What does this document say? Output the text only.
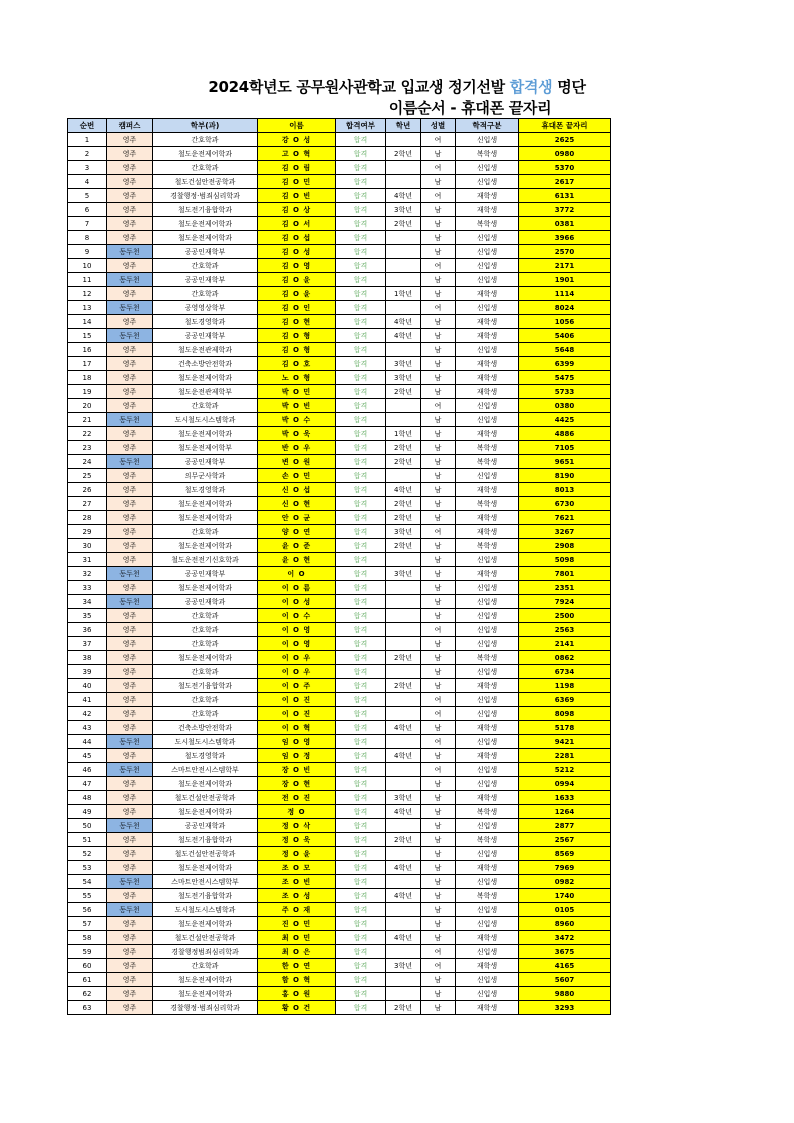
2024학년도 공무원사관학교 입교생 정기선발 합격생 명단
이름순서 - 휴대폰 끝자리
순번	캠퍼스	학부(과)	이름	합격여부	학년	성별	학적구분	휴대폰 끝자리
1	영주	간호학과	강 O 성	합격		여	신입생	2625
2	영주	철도운전제어학과	고 O 혁	합격	2학년	남	복학생	0980
3	영주	간호학과	김 O 림	합격		여	신입생	5370
4	영주	철도건설안전공학과	김 O 민	합격		남	신입생	2617
5	영주	경찰행정·범죄심리학과	김 O 빈	합격	4학년	여	재학생	6131
6	영주	철도전기융합학과	김 O 상	합격	3학년	남	재학생	3772
7	영주	철도운전제어학과	김 O 서	합격	2학년	남	복학생	0381
8	영주	철도운전제어학과	김 O 섭	합격		남	신입생	3966
9	동두천	공공인재학부	김 O 성	합격		남	신입생	2570
10	영주	간호학과	김 O 영	합격		여	신입생	2171
11	동두천	공공인재학부	김 O 윤	합격		남	신입생	1901
12	영주	간호학과	김 O 윤	합격	1학년	남	재학생	1114
13	동두천	공영영상학부	김 O 인	합격		여	신입생	8024
14	영주	철도경영학과	김 O 현	합격	4학년	남	재학생	1056
15	동두천	공공인재학부	김 O 형	합격	4학년	남	재학생	5406
16	영주	철도운전관제학과	김 O 형	합격		남	신입생	5648
17	영주	건축소방안전학과	김 O 호	합격	3학년	남	재학생	6399
18	영주	철도운전제어학과	노 O 형	합격	3학년	남	재학생	5475
19	영주	철도운전관제학부	박 O 민	합격	2학년	남	재학생	5733
20	영주	간호학과	박 O 빈	합격		여	신입생	0380
21	동두천	도시철도시스템학과	박 O 수	합격		남	신입생	4425
22	영주	철도운전제어학과	박 O 욱	합격	1학년	남	재학생	4886
23	영주	철도운전제어학부	반 O 우	합격	2학년	남	복학생	7105
24	동두천	공공인재학부	변 O 원	합격	2학년	남	복학생	9651
25	영주	의무군사학과	손 O 민	합격		남	신입생	8190
26	영주	철도경영학과	신 O 섭	합격	4학년	남	재학생	8013
27	영주	철도운전제어학과	신 O 현	합격	2학년	남	복학생	6730
28	영주	철도운전제어학과	안 O 균	합격	2학년	남	재학생	7621
29	영주	간호학과	양 O 연	합격	3학년	여	재학생	3267
30	영주	철도운전제어학과	윤 O 준	합격	2학년	남	복학생	2908
31	영주	철도운전전기신호학과	윤 O 현	합격		남	신입생	5098
32	동두천	공공인재학부	이 O	합격	3학년	남	재학생	7801
33	영주	철도운전제어학과	이 O 름	합격		남	신입생	2351
34	동두천	공공인재학과	이 O 성	합격		남	신입생	7924
35	영주	간호학과	이 O 수	합격		남	신입생	2500
36	영주	간호학과	이 O 영	합격		여	신입생	2563
37	영주	간호학과	이 O 영	합격		남	신입생	2141
38	영주	철도운전제어학과	이 O 우	합격	2학년	남	복학생	0862
39	영주	간호학과	이 O 우	합격		남	신입생	6734
40	영주	철도전기융합학과	이 O 주	합격	2학년	남	재학생	1198
41	영주	간호학과	이 O 진	합격		여	신입생	6369
42	영주	간호학과	이 O 진	합격		여	신입생	8098
43	영주	건축소방안전학과	이 O 혁	합격	4학년	남	재학생	5178
44	동두천	도시철도시스템학과	임 O 영	합격		여	신입생	9421
45	영주	철도경영학과	임 O 정	합격	4학년	남	재학생	2281
46	동두천	스마트안전시스템학부	장 O 빈	합격		여	신입생	5212
47	영주	철도운전제어학과	장 O 현	합격		남	신입생	0994
48	영주	철도건설안전공학과	전 O 진	합격	3학년	남	재학생	1633
49	영주	철도운전제어학과	정 O	합격	4학년	남	복학생	1264
50	동두천	공공인재학과	정 O 삭	합격		남	신입생	2877
51	영주	철도전기융합학과	정 O 욱	합격	2학년	남	복학생	2567
52	영주	철도건설안전공학과	정 O 윤	합격		남	신입생	8569
53	영주	철도운전제어학과	조 O 모	합격	4학년	남	재학생	7969
54	동두천	스마트안전시스템학부	조 O 빈	합격		남	신입생	0982
55	영주	철도전기융합학과	조 O 성	합격	4학년	남	복학생	1740
56	동두천	도시철도시스템학과	주 O 재	합격		남	신입생	0105
57	영주	철도운전제어학과	진 O 민	합격		남	신입생	8960
58	영주	철도건설안전공학과	최 O 민	합격	4학년	남	재학생	3472
59	영주	경찰행정범죄심리학과	최 O 은	합격		여	신입생	3675
60	영주	간호학과	한 O 연	합격	3학년	여	재학생	4165
61	영주	철도운전제어학과	함 O 혁	합격		남	신입생	5607
62	영주	철도운전제어학과	홍 O 원	합격		남	신입생	9880
63	영주	경찰행정·범죄심리학과	황 O 건	합격	2학년	남	재학생	3293
